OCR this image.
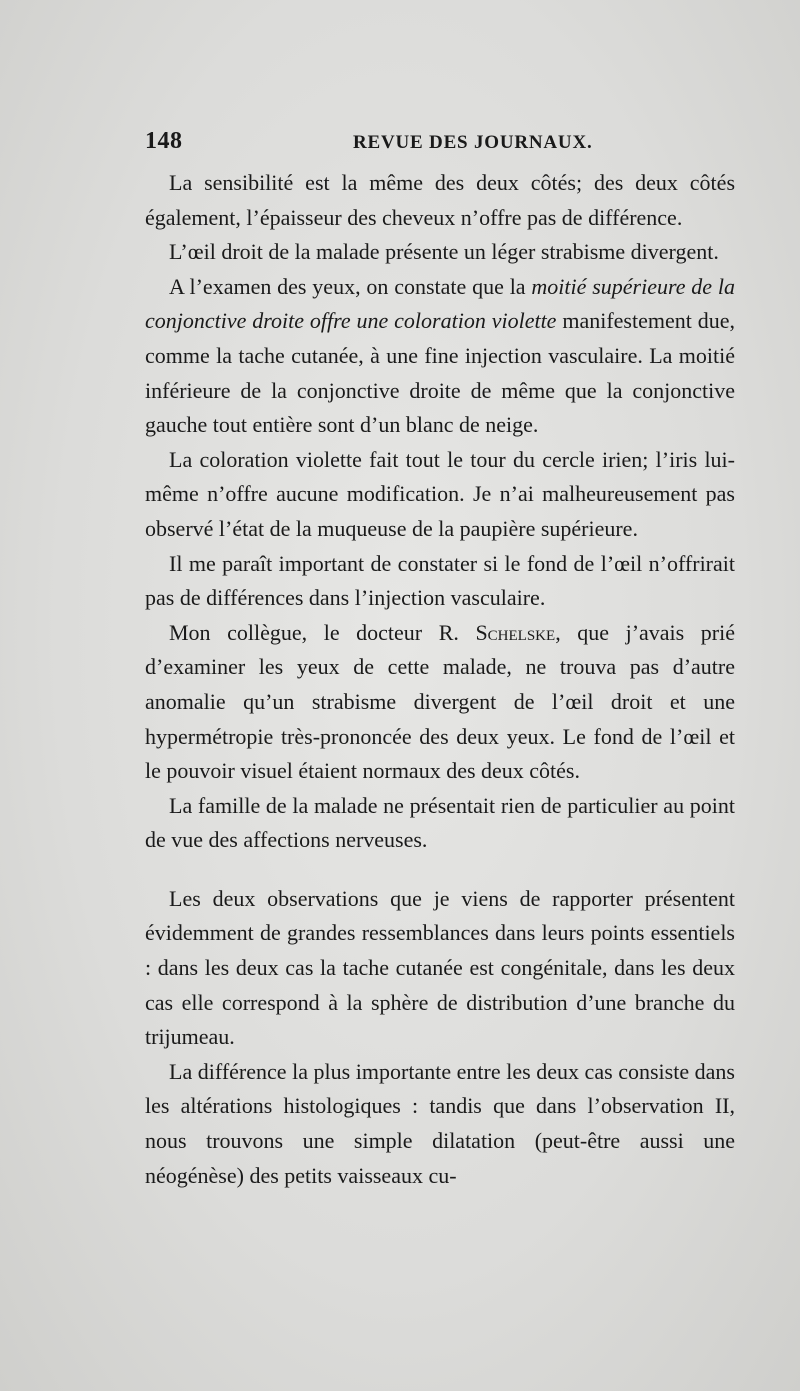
148	REVUE DES JOURNAUX.

La sensibilité est la même des deux côtés; des deux côtés également, l’épaisseur des cheveux n’offre pas de différence.

L’œil droit de la malade présente un léger strabisme divergent.

A l’examen des yeux, on constate que la moitié supérieure de la conjonctive droite offre une coloration violette manifestement due, comme la tache cutanée, à une fine injection vasculaire. La moitié inférieure de la conjonctive droite de même que la conjonctive gauche tout entière sont d’un blanc de neige.

La coloration violette fait tout le tour du cercle irien; l’iris lui-même n’offre aucune modification. Je n’ai malheureusement pas observé l’état de la muqueuse de la paupière supérieure.

Il me paraît important de constater si le fond de l’œil n’offrirait pas de différences dans l’injection vasculaire.

Mon collègue, le docteur R. Schelske, que j’avais prié d’examiner les yeux de cette malade, ne trouva pas d’autre anomalie qu’un strabisme divergent de l’œil droit et une hypermétropie très-prononcée des deux yeux. Le fond de l’œil et le pouvoir visuel étaient normaux des deux côtés.

La famille de la malade ne présentait rien de particulier au point de vue des affections nerveuses.

Les deux observations que je viens de rapporter présentent évidemment de grandes ressemblances dans leurs points essentiels : dans les deux cas la tache cutanée est congénitale, dans les deux cas elle correspond à la sphère de distribution d’une branche du trijumeau.

La différence la plus importante entre les deux cas consiste dans les altérations histologiques : tandis que dans l’observation II, nous trouvons une simple dilatation (peut-être aussi une néogénèse) des petits vaisseaux cu-
